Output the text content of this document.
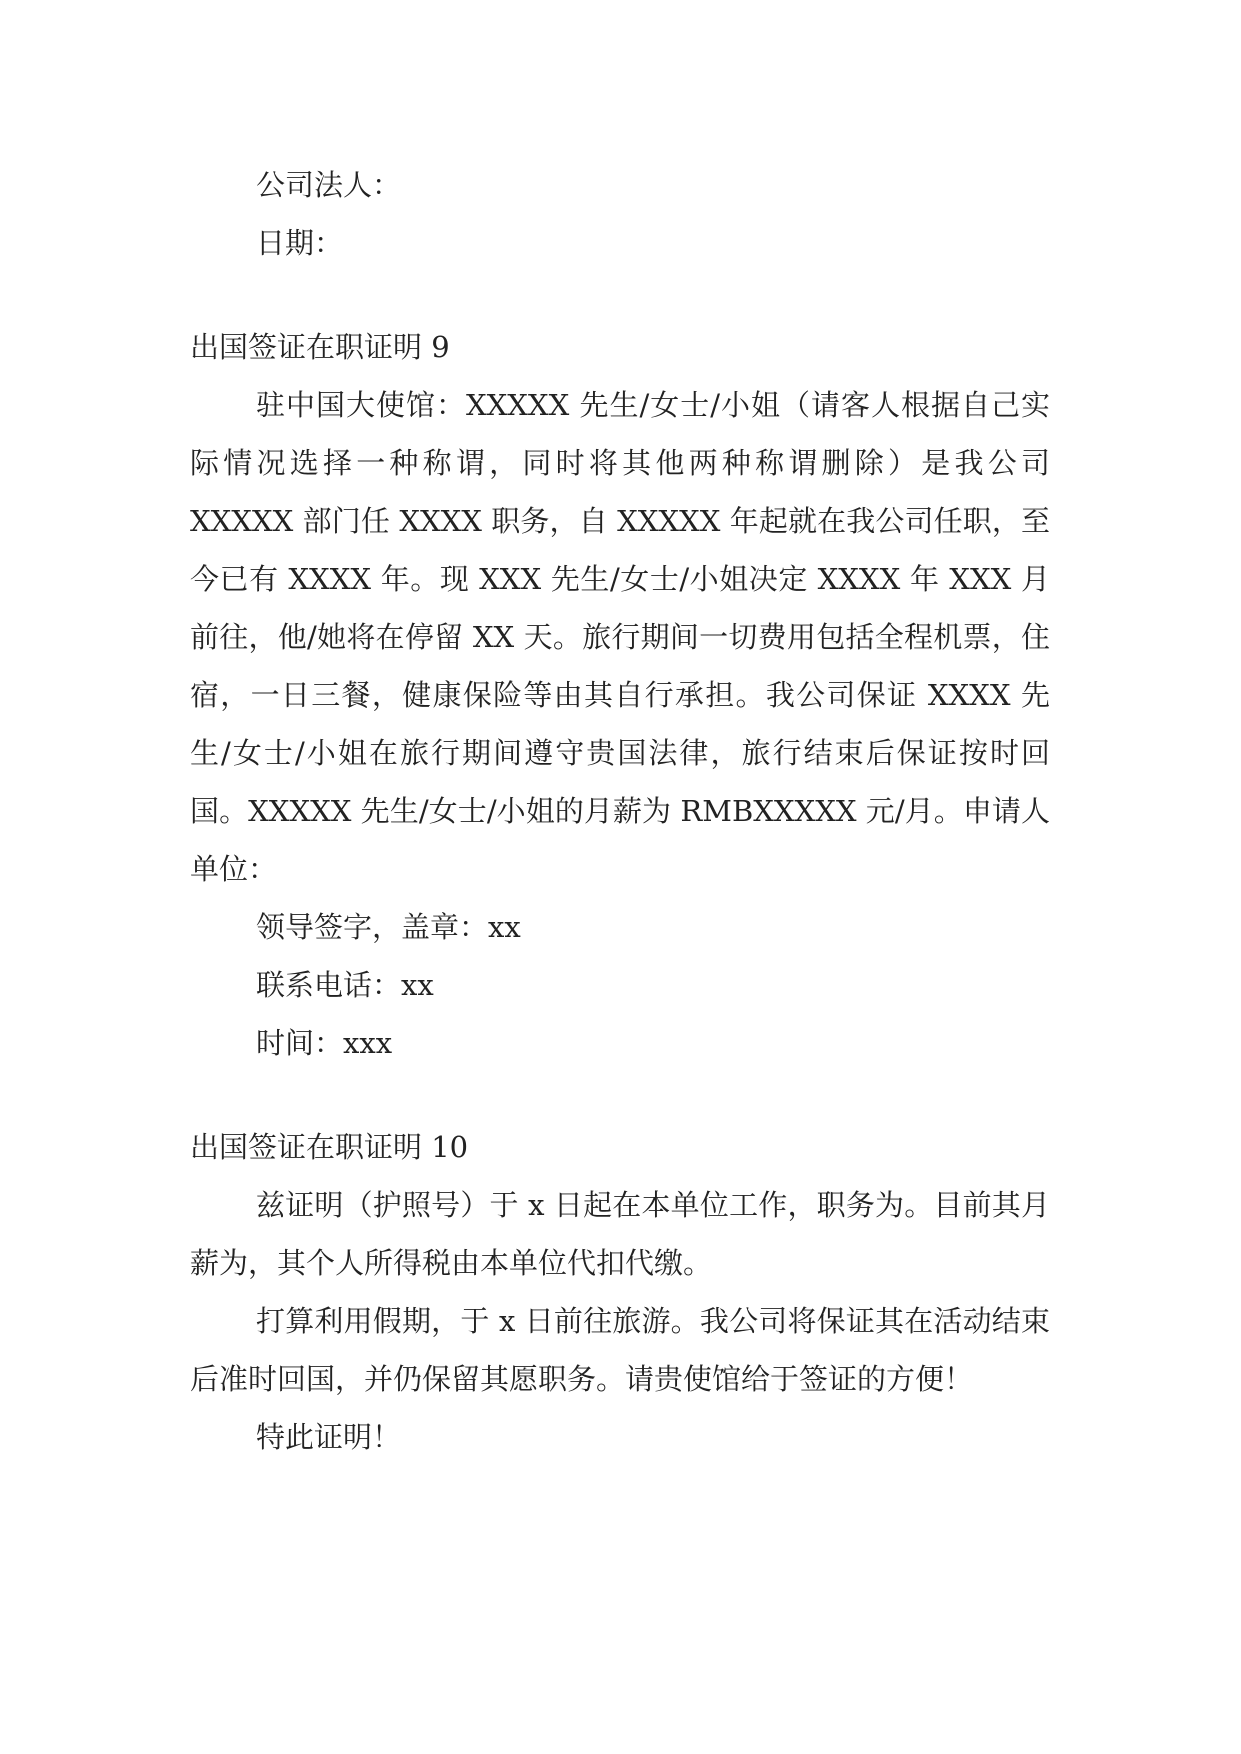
公司法人：

日期：

出国签证在职证明 9

驻中国大使馆：XXXXX 先生/女士/小姐（请客人根据自己实际情况选择一种称谓，同时将其他两种称谓删除）是我公司 XXXXX 部门任 XXXX 职务，自 XXXXX 年起就在我公司任职，至今已有 XXXX 年。现 XXX 先生/女士/小姐决定 XXXX 年 XXX 月前往，他/她将在停留 XX 天。旅行期间一切费用包括全程机票，住宿，一日三餐，健康保险等由其自行承担。我公司保证 XXXX 先生/女士/小姐在旅行期间遵守贵国法律，旅行结束后保证按时回国。XXXXX 先生/女士/小姐的月薪为 RMBXXXXX 元/月。申请人单位：

领导签字，盖章：xx

联系电话：xx

时间：xxx

出国签证在职证明 10

兹证明（护照号）于 x 日起在本单位工作，职务为。目前其月薪为，其个人所得税由本单位代扣代缴。

打算利用假期，于 x 日前往旅游。我公司将保证其在活动结束后准时回国，并仍保留其愿职务。请贵使馆给于签证的方便！

特此证明！
